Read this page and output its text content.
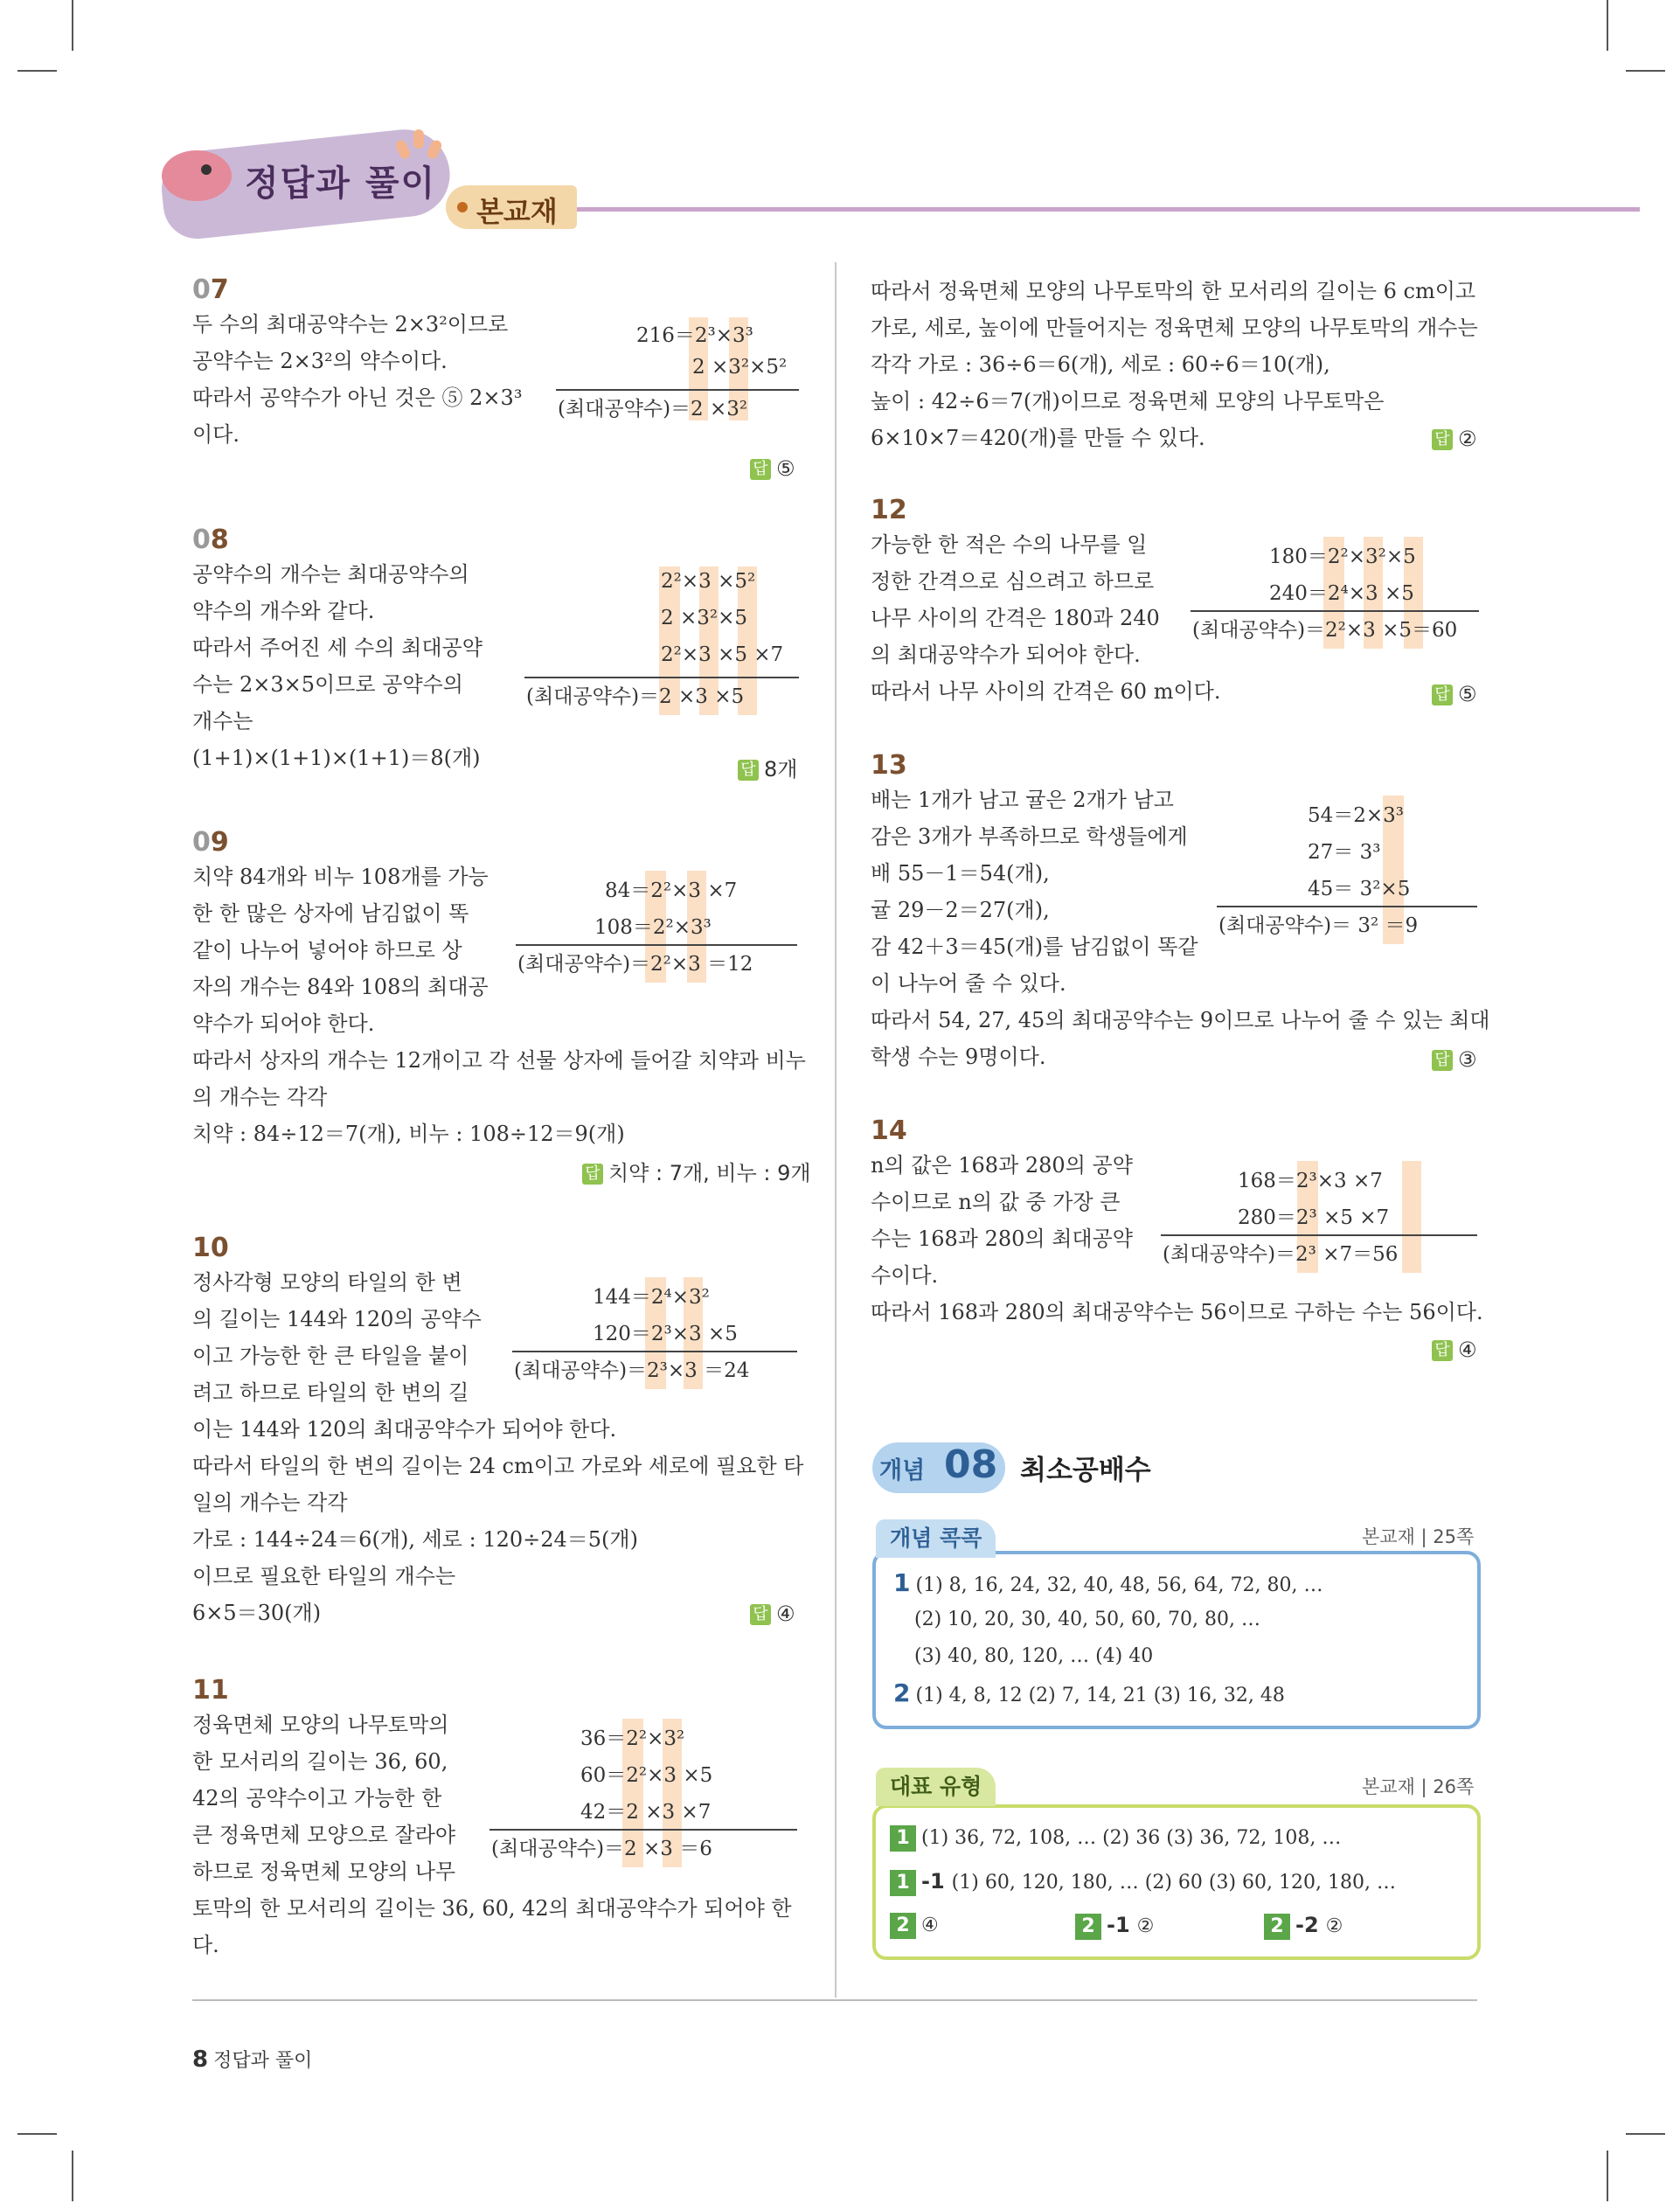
정답과 풀이
본교재
07

두 수의 최대공약수는 2×3²이므로

공약수는 2×3²의 약수이다.

따라서 공약수가 아닌 것은 ⑤ 2×3³

이다.

216＝2³×3³
2 ×3²×5²
(최대공약수)＝2 ×3²
답 ⑤
08

공약수의 개수는 최대공약수의

약수의 개수와 같다.

따라서 주어진 세 수의 최대공약

수는 2×3×5이므로 공약수의

개수는

(1+1)×(1+1)×(1+1)＝8(개)

2²×3 ×5²
2 ×3²×5
2²×3 ×5 ×7
(최대공약수)＝2 ×3 ×5
답 8개
09

치약 84개와 비누 108개를 가능

한 한 많은 상자에 남김없이 똑

같이 나누어 넣어야 하므로 상

자의 개수는 84와 108의 최대공

약수가 되어야 한다.

따라서 상자의 개수는 12개이고 각 선물 상자에 들어갈 치약과 비누

의 개수는 각각

치약 : 84÷12＝7(개), 비누 : 108÷12＝9(개)

84＝2²×3 ×7
108＝2²×3³
(최대공약수)＝2²×3 ＝12
답 치약 : 7개, 비누 : 9개
10

정사각형 모양의 타일의 한 변

의 길이는 144와 120의 공약수

이고 가능한 한 큰 타일을 붙이

려고 하므로 타일의 한 변의 길

이는 144와 120의 최대공약수가 되어야 한다.

따라서 타일의 한 변의 길이는 24 cm이고 가로와 세로에 필요한 타

일의 개수는 각각

가로 : 144÷24＝6(개), 세로 : 120÷24＝5(개)

이므로 필요한 타일의 개수는

6×5＝30(개)

144＝2⁴×3²
120＝2³×3 ×5
(최대공약수)＝2³×3 ＝24
답 ④
11

정육면체 모양의 나무토막의

한 모서리의 길이는 36, 60,

42의 공약수이고 가능한 한

큰 정육면체 모양으로 잘라야

하므로 정육면체 모양의 나무

토막의 한 모서리의 길이는 36, 60, 42의 최대공약수가 되어야 한

다.

36＝2²×3²
60＝2²×3 ×5
42＝2 ×3 ×7
(최대공약수)＝2 ×3 ＝6

따라서 정육면체 모양의 나무토막의 한 모서리의 길이는 6 cm이고

가로, 세로, 높이에 만들어지는 정육면체 모양의 나무토막의 개수는

각각 가로 : 36÷6＝6(개), 세로 : 60÷6＝10(개),

높이 : 42÷6＝7(개)이므로 정육면체 모양의 나무토막은

6×10×7＝420(개)를 만들 수 있다.	답 ②
12

가능한 한 적은 수의 나무를 일

정한 간격으로 심으려고 하므로

나무 사이의 간격은 180과 240

의 최대공약수가 되어야 한다.

따라서 나무 사이의 간격은 60 m이다.

180＝2²×3²×5
240＝2⁴×3 ×5
(최대공약수)＝2²×3 ×5＝60
답 ⑤
13

배는 1개가 남고 귤은 2개가 남고

감은 3개가 부족하므로 학생들에게

배 55－1＝54(개),

귤 29－2＝27(개),

감 42＋3＝45(개)를 남김없이 똑같

이 나누어 줄 수 있다.

따라서 54, 27, 45의 최대공약수는 9이므로 나누어 줄 수 있는 최대

학생 수는 9명이다.

54＝2×3³
27＝ 3³
45＝ 3²×5
(최대공약수)＝ 3² ＝9
답 ③
14

n의 값은 168과 280의 공약

수이므로 n의 값 중 가장 큰

수는 168과 280의 최대공약

수이다.

따라서 168과 280의 최대공약수는 56이므로 구하는 수는 56이다.

168＝2³×3 ×7
280＝2³ ×5 ×7
(최대공약수)＝2³ ×7＝56
답 ④
개념 08 최소공배수
개념 콕콕	본교재 | 25쪽
1 (1) 8, 16, 24, 32, 40, 48, 56, 64, 72, 80, …
(2) 10, 20, 30, 40, 50, 60, 70, 80, …
(3) 40, 80, 120, … (4) 40
2 (1) 4, 8, 12 (2) 7, 14, 21 (3) 16, 32, 48
대표 유형	본교재 | 26쪽
1 (1) 36, 72, 108, … (2) 36 (3) 36, 72, 108, …
1 -1 (1) 60, 120, 180, … (2) 60 (3) 60, 120, 180, …
2 ④	2 -1 ②	2 -2 ②
8 정답과 풀이
